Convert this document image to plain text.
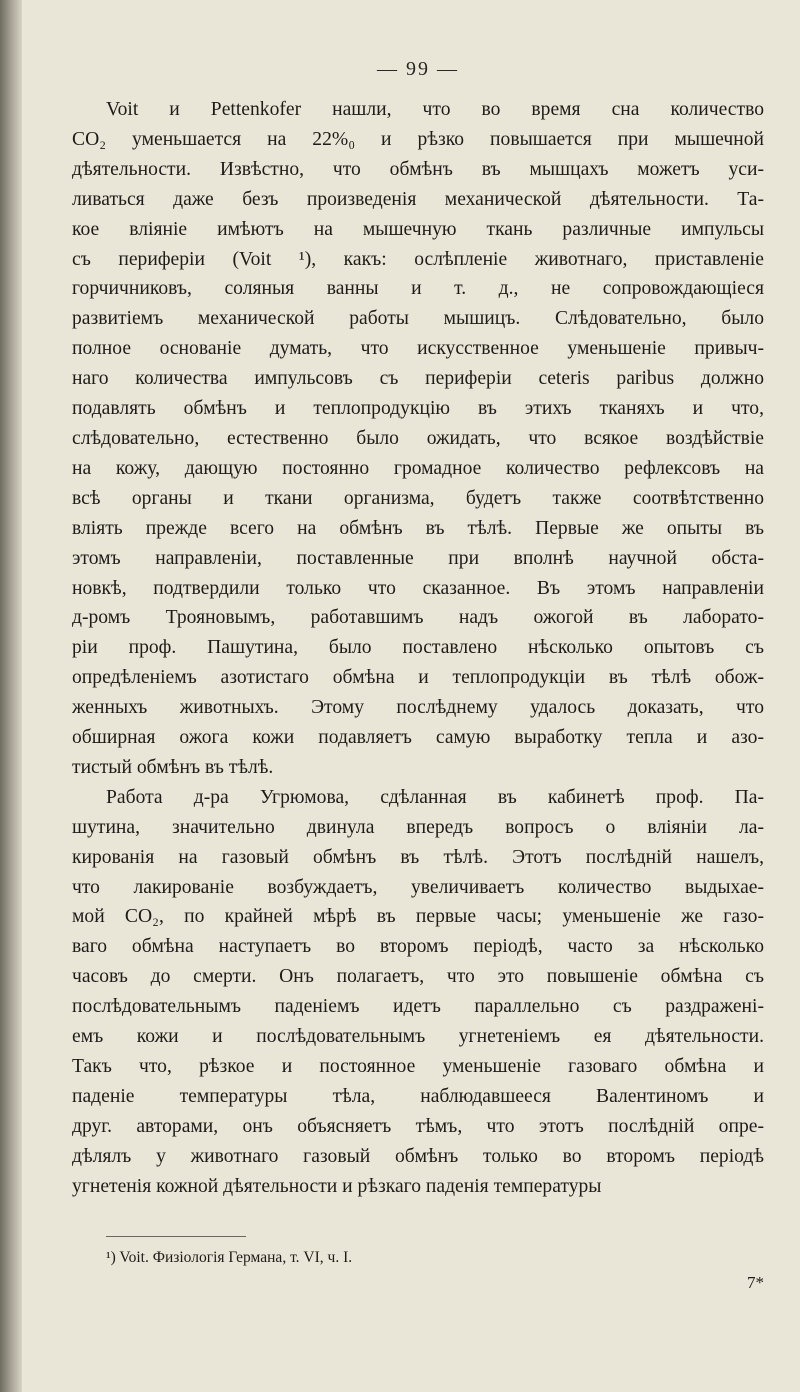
— 99 —
Voit и Pettenkofer нашли, что во время сна количество
CO₂ уменьшается на 22%₀ и рѣзко повышается при мышечной
дѣятельности. Извѣстно, что обмѣнъ въ мышцахъ можетъ уси-
ливаться даже безъ произведенія механической дѣятельности. Та-
кое вліяніе имѣютъ на мышечную ткань различные импульсы
съ периферіи (Voit ¹), какъ: ослѣпленіе животнаго, приставленіе
горчичниковъ, соляныя ванны и т. д., не сопровождающіеся
развитіемъ механической работы мышицъ. Слѣдовательно, было
полное основаніе думать, что искусственное уменьшеніе привыч-
наго количества импульсовъ съ периферіи ceteris paribus должно
подавлять обмѣнъ и теплопродукцію въ этихъ тканяхъ и что,
слѣдовательно, естественно было ожидать, что всякое воздѣйствіе
на кожу, дающую постоянно громадное количество рефлексовъ на
всѣ органы и ткани организма, будетъ также соотвѣтственно
вліять прежде всего на обмѣнъ въ тѣлѣ. Первые же опыты въ
этомъ направленіи, поставленные при вполнѣ научной обста-
новкѣ, подтвердили только что сказанное. Въ этомъ направленіи
д-ромъ Трояновымъ, работавшимъ надъ ожогой въ лаборато-
ріи проф. Пашутина, было поставлено нѣсколько опытовъ съ
опредѣленіемъ азотистаго обмѣна и теплопродукціи въ тѣлѣ обож-
женныхъ животныхъ. Этому послѣднему удалось доказать, что
обширная ожога кожи подавляетъ самую выработку тепла и азо-
тистый обмѣнъ въ тѣлѣ.
Работа д-ра Угрюмова, сдѣланная въ кабинетѣ проф. Па-
шутина, значительно двинула впередъ вопросъ о вліяніи ла-
кированія на газовый обмѣнъ въ тѣлѣ. Этотъ послѣдній нашелъ,
что лакированіе возбуждаетъ, увеличиваетъ количество выдыхае-
мой CO₂, по крайней мѣрѣ въ первые часы; уменьшеніе же газо-
ваго обмѣна наступаетъ во второмъ періодѣ, часто за нѣсколько
часовъ до смерти. Онъ полагаетъ, что это повышеніе обмѣна съ
послѣдовательнымъ паденіемъ идетъ параллельно съ раздраженi-
емъ кожи и послѣдовательнымъ угнетеніемъ ея дѣятельности.
Такъ что, рѣзкое и постоянное уменьшеніе газоваго обмѣна и
паденіе температуры тѣла, наблюдавшееся Валентиномъ и
друг. авторами, онъ объясняетъ тѣмъ, что этотъ послѣдній опре-
дѣлялъ у животнаго газовый обмѣнъ только во второмъ періодѣ
угнетенія кожной дѣятельности и рѣзкаго паденія температуры
¹) Voit. Физіологія Германа, т. VI, ч. I.
7*
